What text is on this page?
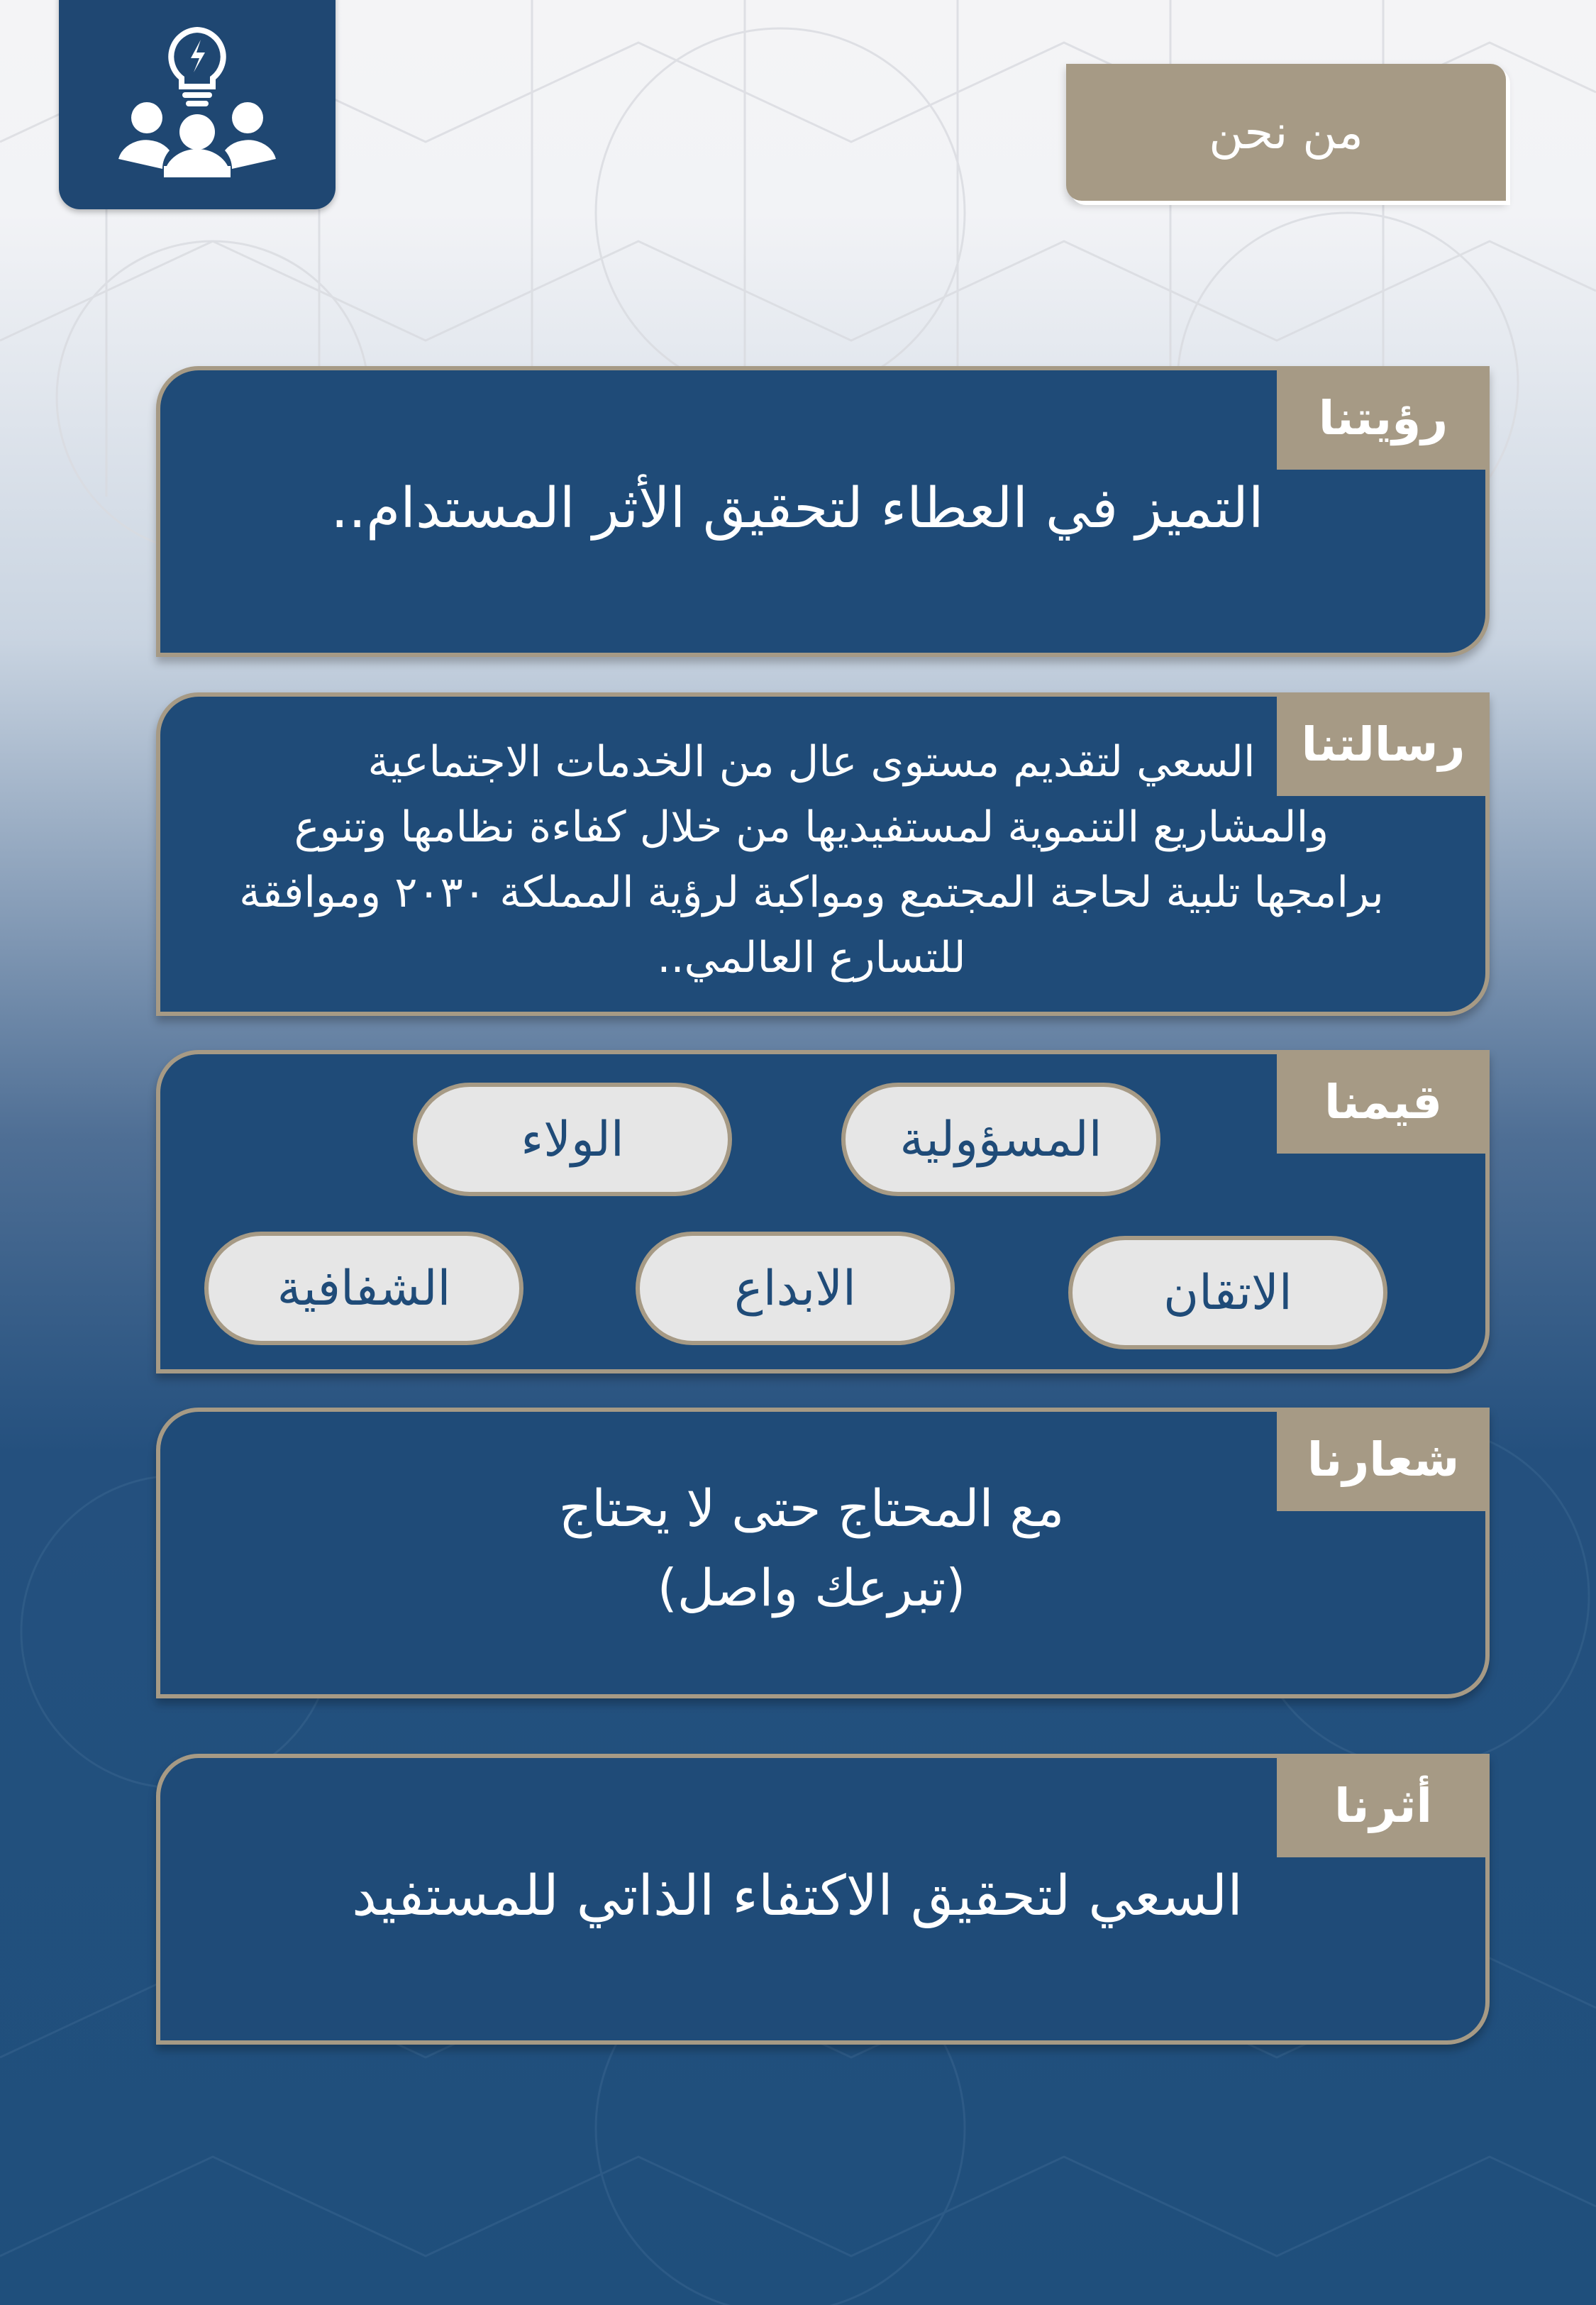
من نحن
رؤيتنا
التميز في العطاء لتحقيق الأثر المستدام..
رسالتنا
السعي لتقديم مستوى عال من الخدمات الاجتماعية
والمشاريع التنموية لمستفيديها من خلال كفاءة نظامها وتنوع
برامجها تلبية لحاجة المجتمع ومواكبة لرؤية المملكة ٢٠٣٠ وموافقة
للتسارع العالمي..
قيمنا
المسؤولية
الولاء
الاتقان
الابداع
الشفافية
شعارنا
مع المحتاج حتى لا يحتاج
(تبرعك واصل)
أثرنا
السعي لتحقيق الاكتفاء الذاتي للمستفيد
